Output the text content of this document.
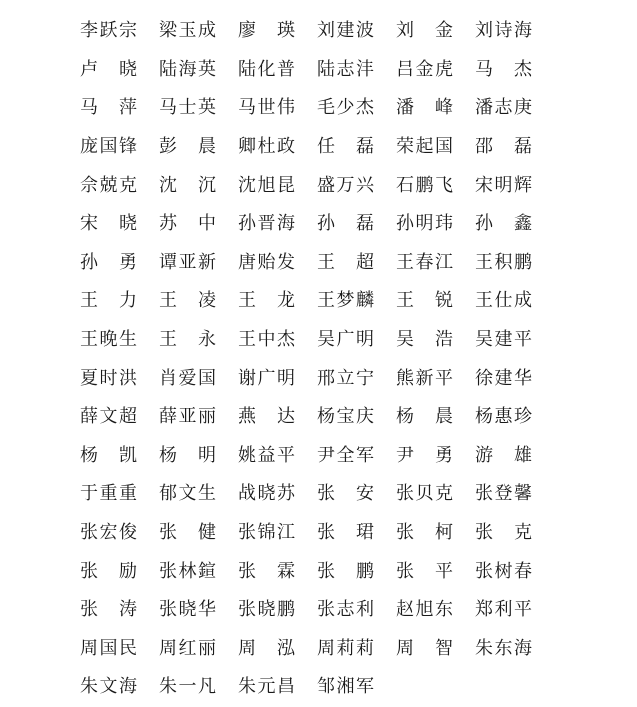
李 跃 宗 梁 玉 成 廖 瑛 刘 建 波 刘 金 刘 诗 海
卢 晓 陆 海 英 陆 化 普 陆 志 沣 吕 金 虎 马 杰
马 萍 马 士 英 马 世 伟 毛 少 杰 潘 峰 潘 志 庚
庞 国 锋 彭 晨 卿 杜 政 任 磊 荣 起 国 邵 磊
佘 兢 克 沈 沉 沈 旭 昆 盛 万 兴 石 鹏 飞 宋 明 辉
宋 晓 苏 中 孙 晋 海 孙 磊 孙 明 玮 孙 鑫
孙 勇 谭 亚 新 唐 贻 发 王 超 王 春 江 王 积 鹏
王 力 王 凌 王 龙 王 梦 麟 王 锐 王 仕 成
王 晚 生 王 永 王 中 杰 吴 广 明 吴 浩 吴 建 平
夏 时 洪 肖 爱 国 谢 广 明 邢 立 宁 熊 新 平 徐 建 华
薛 文 超 薛 亚 丽 燕 达 杨 宝 庆 杨 晨 杨 惠 珍
杨 凯 杨 明 姚 益 平 尹 全 军 尹 勇 游 雄
于 重 重 郁 文 生 战 晓 苏 张 安 张 贝 克 张 登 馨
张 宏 俊 张 健 张 锦 江 张 珺 张 柯 张 克
张 励 张 林 鍹 张 霖 张 鹏 张 平 张 树 春
张 涛 张 晓 华 张 晓 鹏 张 志 利 赵 旭 东 郑 利 平
周 国 民 周 红 丽 周 泓 周 莉 莉 周 智 朱 东 海
朱 文 海 朱 一 凡 朱 元 昌 邹 湘 军
